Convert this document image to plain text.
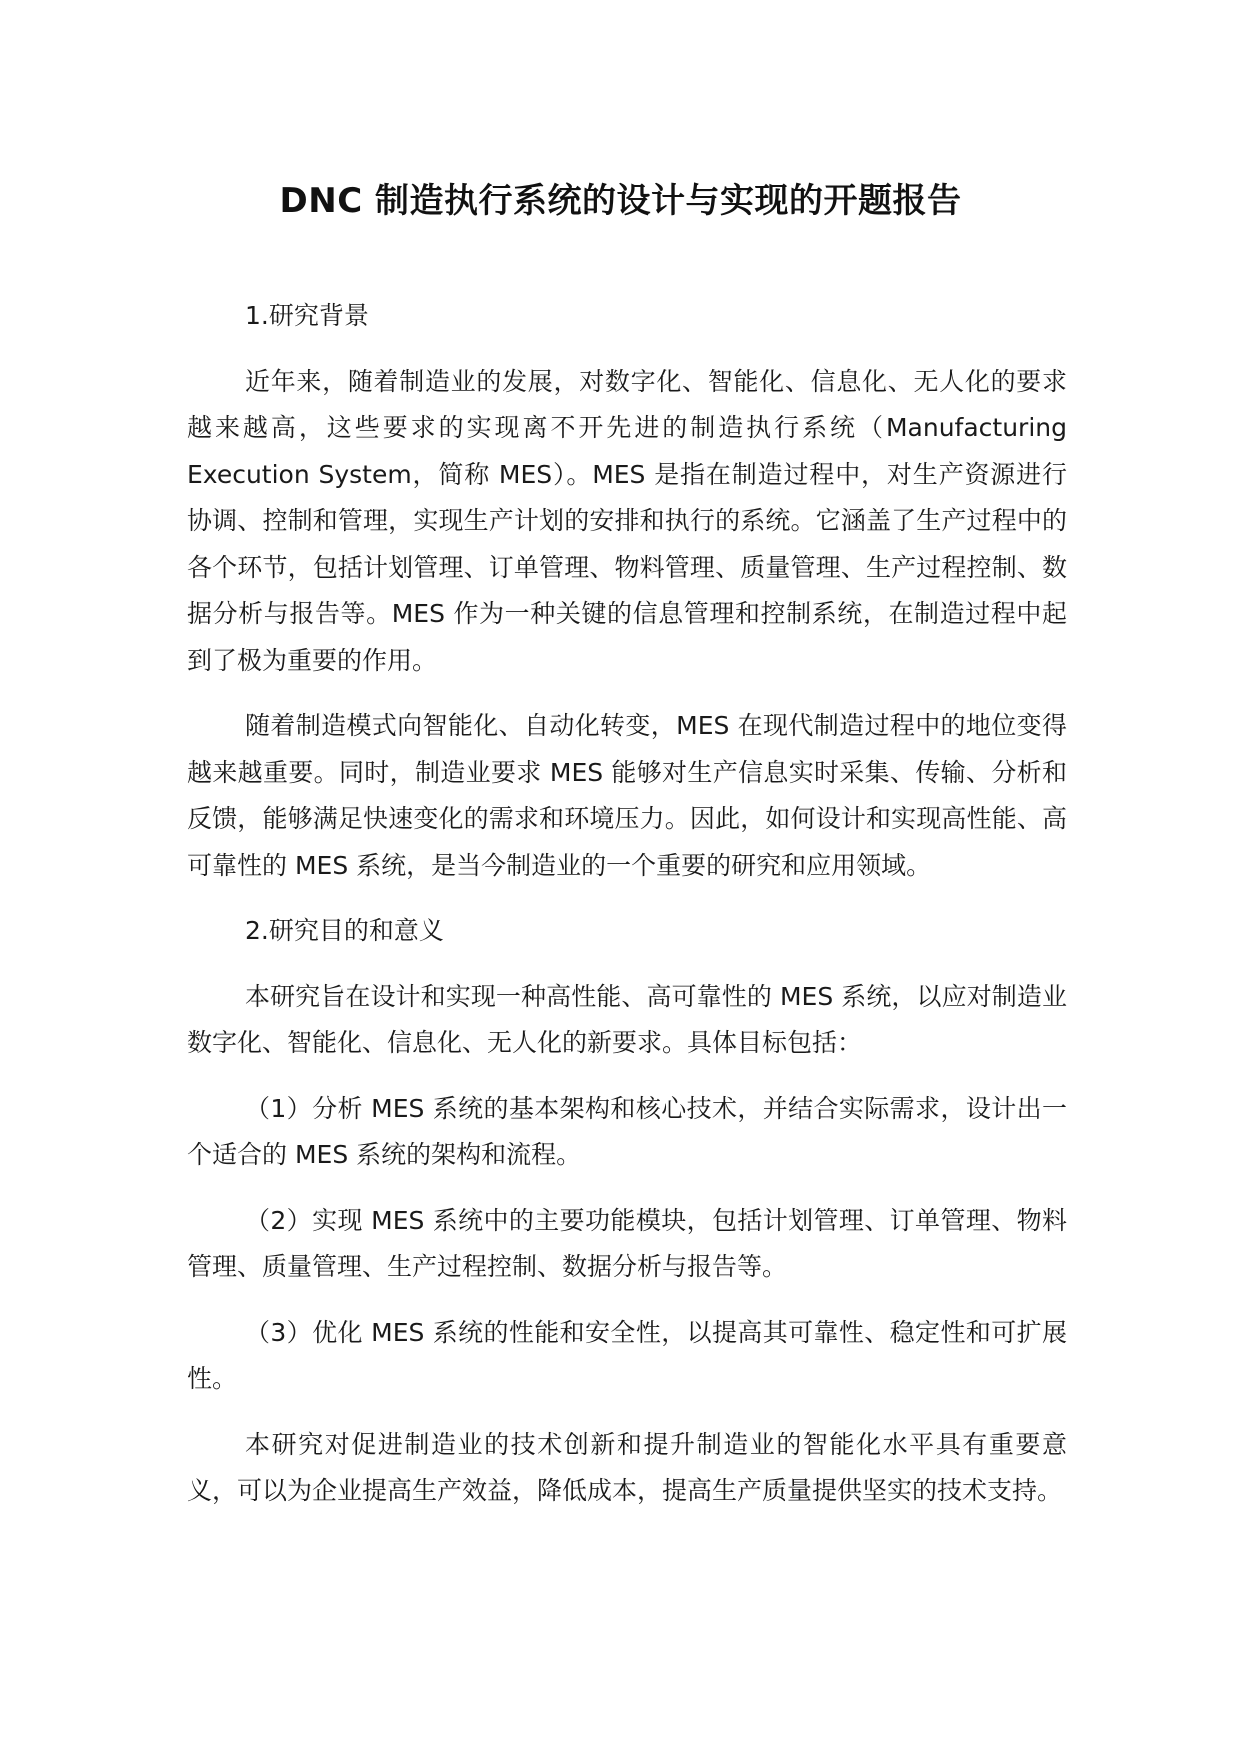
DNC 制造执行系统的设计与实现的开题报告

1.研究背景

近年来，随着制造业的发展，对数字化、智能化、信息化、无人化的要求越来越高，这些要求的实现离不开先进的制造执行系统（Manufacturing Execution System，简称 MES）。MES 是指在制造过程中，对生产资源进行协调、控制和管理，实现生产计划的安排和执行的系统。它涵盖了生产过程中的各个环节，包括计划管理、订单管理、物料管理、质量管理、生产过程控制、数据分析与报告等。MES 作为一种关键的信息管理和控制系统，在制造过程中起到了极为重要的作用。

随着制造模式向智能化、自动化转变，MES 在现代制造过程中的地位变得越来越重要。同时，制造业要求 MES 能够对生产信息实时采集、传输、分析和反馈，能够满足快速变化的需求和环境压力。因此，如何设计和实现高性能、高可靠性的 MES 系统，是当今制造业的一个重要的研究和应用领域。

2.研究目的和意义

本研究旨在设计和实现一种高性能、高可靠性的 MES 系统，以应对制造业数字化、智能化、信息化、无人化的新要求。具体目标包括：

（1）分析 MES 系统的基本架构和核心技术，并结合实际需求，设计出一个适合的 MES 系统的架构和流程。

（2）实现 MES 系统中的主要功能模块，包括计划管理、订单管理、物料管理、质量管理、生产过程控制、数据分析与报告等。

（3）优化 MES 系统的性能和安全性，以提高其可靠性、稳定性和可扩展性。

本研究对促进制造业的技术创新和提升制造业的智能化水平具有重要意义，可以为企业提高生产效益，降低成本，提高生产质量提供坚实的技术支持。
